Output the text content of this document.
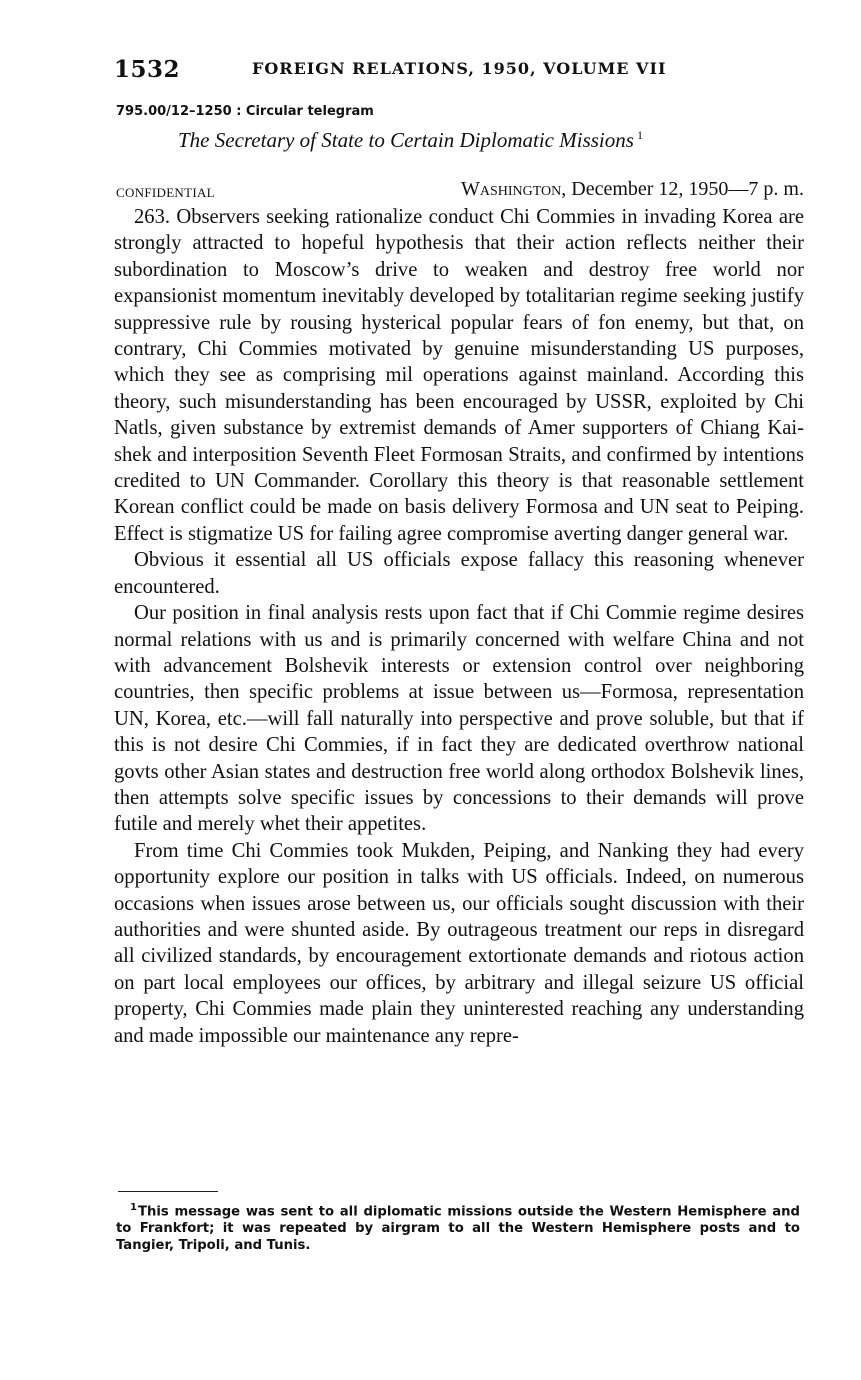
1532	FOREIGN RELATIONS, 1950, VOLUME VII
795.00/12–1250 : Circular telegram
The Secretary of State to Certain Diplomatic Missions $^1$
CONFIDENTIAL	Washington, December 12, 1950—7 p. m.

263. Observers seeking rationalize conduct Chi Commies in invading Korea are strongly attracted to hopeful hypothesis that their action reflects neither their subordination to Moscow’s drive to weaken and destroy free world nor expansionist momentum inevitably developed by totalitarian regime seeking justify suppressive rule by rousing hysterical popular fears of fon enemy, but that, on contrary, Chi Commies motivated by genuine misunderstanding US purposes, which they see as comprising mil operations against mainland. According this theory, such misunderstanding has been encouraged by USSR, exploited by Chi Natls, given substance by extremist demands of Amer supporters of Chiang Kai-shek and interposition Seventh Fleet Formosan Straits, and confirmed by intentions credited to UN Commander. Corollary this theory is that reasonable settlement Korean conflict could be made on basis delivery Formosa and UN seat to Peiping. Effect is stigmatize US for failing agree compromise averting danger general war.

Obvious it essential all US officials expose fallacy this reasoning whenever encountered.

Our position in final analysis rests upon fact that if Chi Commie regime desires normal relations with us and is primarily concerned with welfare China and not with advancement Bolshevik interests or extension control over neighboring countries, then specific problems at issue between us—Formosa, representation UN, Korea, etc.—will fall naturally into perspective and prove soluble, but that if this is not desire Chi Commies, if in fact they are dedicated overthrow national govts other Asian states and destruction free world along orthodox Bolshevik lines, then attempts solve specific issues by concessions to their demands will prove futile and merely whet their appetites.

From time Chi Commies took Mukden, Peiping, and Nanking they had every opportunity explore our position in talks with US officials. Indeed, on numerous occasions when issues arose between us, our officials sought discussion with their authorities and were shunted aside. By outrageous treatment our reps in disregard all civilized standards, by encouragement extortionate demands and riotous action on part local employees our offices, by arbitrary and illegal seizure US official property, Chi Commies made plain they uninterested reaching any understanding and made impossible our maintenance any repre-

$^1$This message was sent to all diplomatic missions outside the Western Hemisphere and to Frankfort; it was repeated by airgram to all the Western Hemisphere posts and to Tangier, Tripoli, and Tunis.
